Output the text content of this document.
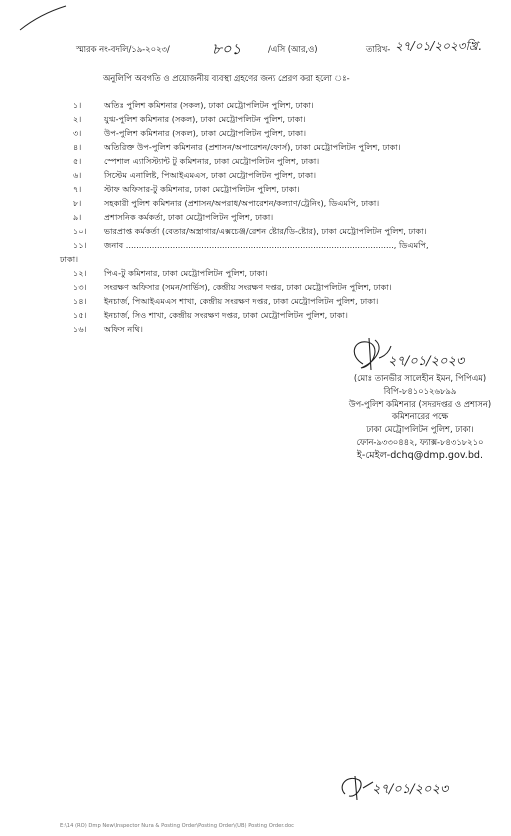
স্মারক নং-বদলি/১৯-২০২৩/	৮০১	/এসি (আর,ও)	তারিখ- ২৭/০১/২০২৩খ্রি.
অনুলিপি অবগতি ও প্রয়োজনীয় ব্যবস্থা গ্রহণের জন্য প্রেরণ করা হলো ঃ-
১।	অতিঃ পুলিশ কমিশনার (সকল), ঢাকা মেট্রোপলিটন পুলিশ, ঢাকা।
২।	যুগ্ম-পুলিশ কমিশনার (সকল), ঢাকা মেট্রোপলিটন পুলিশ, ঢাকা।
৩।	উপ-পুলিশ কমিশনার (সকল), ঢাকা মেট্রোপলিটন পুলিশ, ঢাকা।
৪।	অতিরিক্ত উপ-পুলিশ কমিশনার (প্রশাসন/অপারেশন/ফোর্স), ঢাকা মেট্রোপলিটন পুলিশ, ঢাকা।
৫।	স্পেশাল এ্যাসিস্ট্যান্ট টু কমিশনার, ঢাকা মেট্রোপলিটন পুলিশ, ঢাকা।
৬।	সিস্টেম এনালিষ্ট, পিআইএমএস, ঢাকা মেট্রোপলিটন পুলিশ, ঢাকা।
৭।	স্টাফ অফিসার-টু কমিশনার, ঢাকা মেট্রোপলিটন পুলিশ, ঢাকা।
৮।	সহকারী পুলিশ কমিশনার (প্রশাসন/অপরাধ/অপারেশন/কল্যাণ/ট্রেনিং), ডিএমপি, ঢাকা।
৯।	প্রশাসনিক কর্মকর্তা, ঢাকা মেট্রোপলিটন পুলিশ, ঢাকা।
১০। ভারপ্রাপ্ত কর্মকর্তা (বেতার/অস্ত্রাগার/এক্সচেঞ্জ/রেশন ষ্টোর/ডি-ষ্টোর), ঢাকা মেট্রোপলিটন পুলিশ, ঢাকা।
১১। জনাব ......................................................................................................., ডিএমপি,
ঢাকা।
১২। পিএ-টু কমিশনার, ঢাকা মেট্রোপলিটন পুলিশ, ঢাকা।
১৩। সংরক্ষণ অফিসার (সমন/সার্ভিস), কেন্দ্রীয় সংরক্ষণ দপ্তর, ঢাকা মেট্রোপলিটন পুলিশ, ঢাকা।
১৪। ইনচার্জ, পিআইএমএস শাখা, কেন্দ্রীয় সংরক্ষণ দপ্তর, ঢাকা মেট্রোপলিটন পুলিশ, ঢাকা।
১৫। ইনচার্জ, সিও শাখা, কেন্দ্রীয় সংরক্ষণ দপ্তর, ঢাকা মেট্রোপলিটন পুলিশ, ঢাকা।
১৬। অফিস নথি।
২৭/০১/২০২৩
(মোঃ তানভীর সালেহীন ইমন, পিপিএম)
বিপি-৮৪১০১২৬৮৯৯
উপ-পুলিশ কমিশনার (সদরদপ্তর ও প্রশাসন)
কমিশনারের পক্ষে
ঢাকা মেট্রোপলিটন পুলিশ, ঢাকা।
ফোন-৯৩৩০৪৪২, ফ্যাক্স-৮৪৩১৮২১০
ই-মেইল-dchq@dmp.gov.bd.
২৭/০১/২০২৩
E:\14 (RO) Dmp New\Inspector Nura & Posting Order\Posting Order\(UB) Posting Order.doc
